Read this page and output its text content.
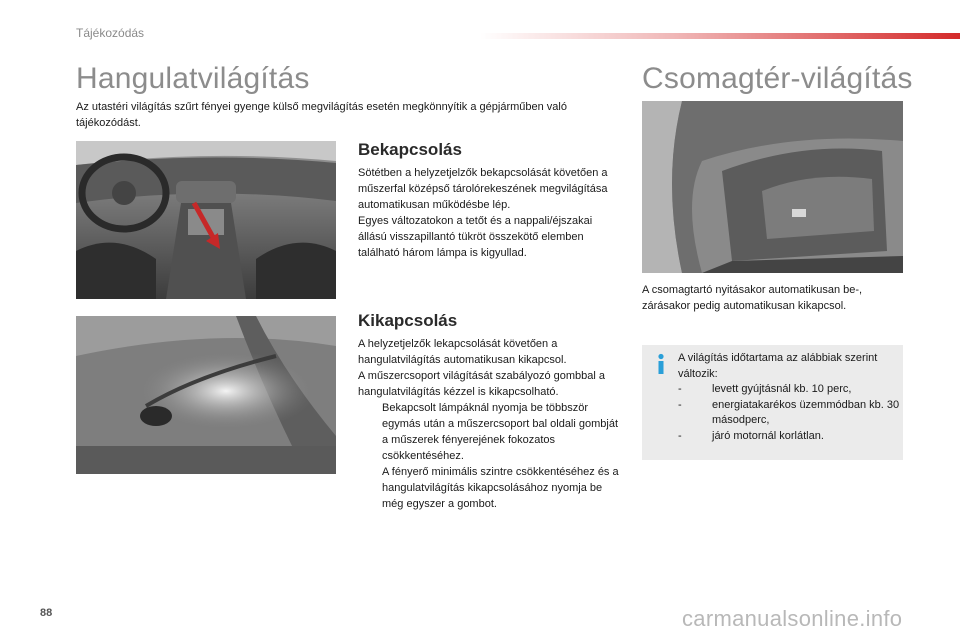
Tájékozódás
Hangulatvilágítás

Az utastéri világítás szűrt fényei gyenge külső megvilágítás esetén megkönnyítik a gépjárműben való tájékozódást.

Bekapcsolás
Sötétben a helyzetjelzők bekapcsolását követően a műszerfal középső tárolórekeszének megvilágítása automatikusan működésbe lép.
Egyes változatokon a tetőt és a nappali/éjszakai állású visszapillantó tükröt összekötő elemben található három lámpa is kigyullad.
Kikapcsolás
A helyzetjelzők lekapcsolását követően a hangulatvilágítás automatikusan kikapcsol.
A műszercsoport világítását szabályozó gombbal a hangulatvilágítás kézzel is kikapcsolható.
Bekapcsolt lámpáknál nyomja be többször egymás után a műszercsoport bal oldali gombját a műszerek fényerejének fokozatos csökkentéséhez.
A fényerő minimális szintre csökkentéséhez és a hangulatvilágítás kikapcsolásához nyomja be még egyszer a gombot.
Csomagtér-világítás

A csomagtartó nyitásakor automatikusan be-, zárásakor pedig automatikusan kikapcsol.

A világítás időtartama az alábbiak szerint változik:
-	levett gyújtásnál kb. 10 perc,
-	energiatakarékos üzemmódban kb. 30 másodperc,
-	járó motornál korlátlan.
88	carmanualsonline.info
